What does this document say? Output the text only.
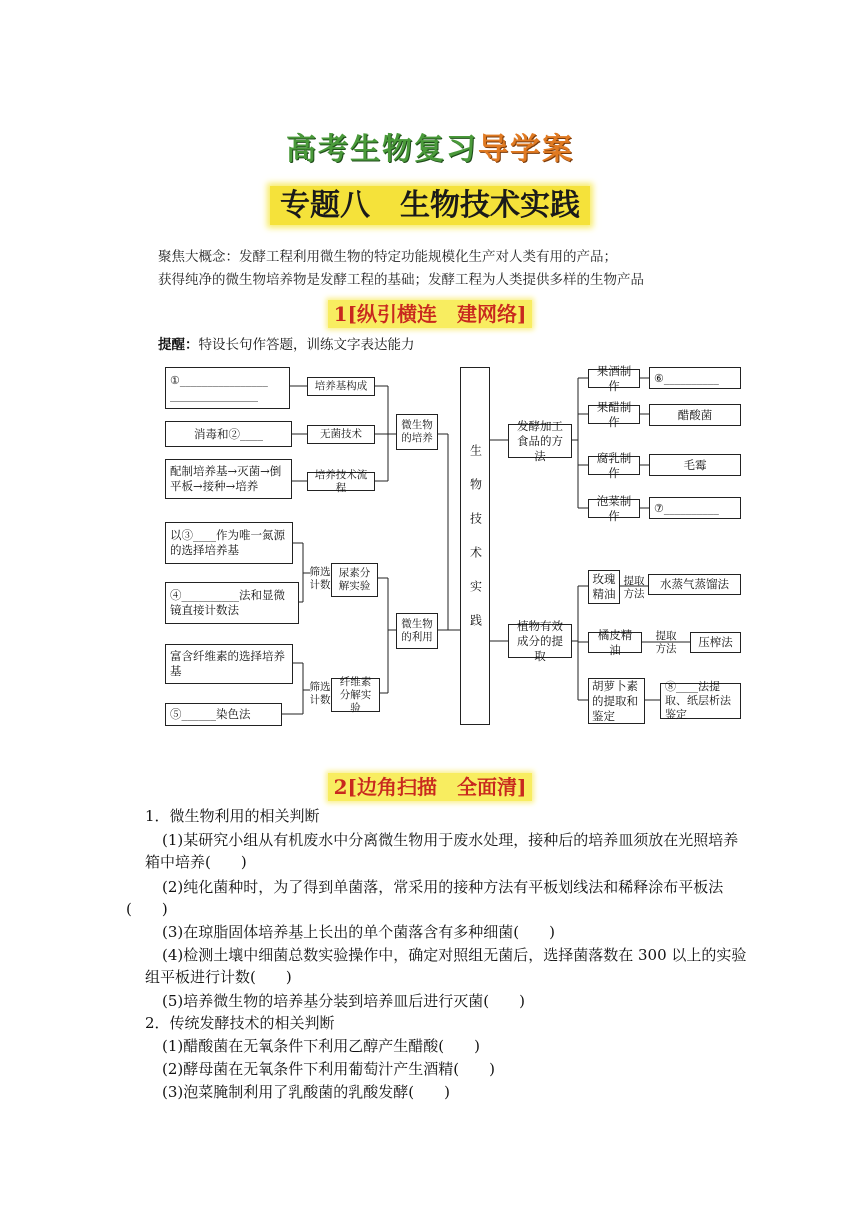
高考生物复习导学案
专题八　生物技术实践
聚焦大概念：发酵工程利用微生物的特定功能规模化生产对人类有用的产品；
获得纯净的微生物培养物是发酵工程的基础；发酵工程为人类提供多样的生物产品
1[纵引横连　建网络]
提醒：特设长句作答题，训练文字表达能力
①________________
________________
消毒和②____
配制培养基→灭菌→倒平板→接种→培养
培养基构成
无菌技术
培养技术流程
微生物的培养
以③____作为唯一氮源的选择培养基
④__________法和显微镜直接计数法
筛选计数
尿素分解实验
富含纤维素的选择培养基
⑤______染色法
筛选计数
纤维素分解实验
微生物的利用	生物技术实践
发酵加工食品的方法
植物有效成分的提取
果酒制作
⑥__________
果醋制作	醋酸菌
腐乳制作
毛霉
泡菜制作
⑦__________
玫瑰精油
提取方法
水蒸气蒸馏法
橘皮精油
提取方法	压榨法
胡萝卜素的提取和鉴定
⑧____法提取、纸层析法鉴定
2[边角扫描　全面清]
1．微生物利用的相关判断
(1)某研究小组从有机废水中分离微生物用于废水处理，接种后的培养皿须放在光照培养
箱中培养(　　)
(2)纯化菌种时，为了得到单菌落，常采用的接种方法有平板划线法和稀释涂布平板法
(　　)
(3)在琼脂固体培养基上长出的单个菌落含有多种细菌(　　)
(4)检测土壤中细菌总数实验操作中，确定对照组无菌后，选择菌落数在 300 以上的实验
组平板进行计数(　　)
(5)培养微生物的培养基分装到培养皿后进行灭菌(　　)
2．传统发酵技术的相关判断
(1)醋酸菌在无氧条件下利用乙醇产生醋酸(　　)
(2)酵母菌在无氧条件下利用葡萄汁产生酒精(　　)
(3)泡菜腌制利用了乳酸菌的乳酸发酵(　　)
